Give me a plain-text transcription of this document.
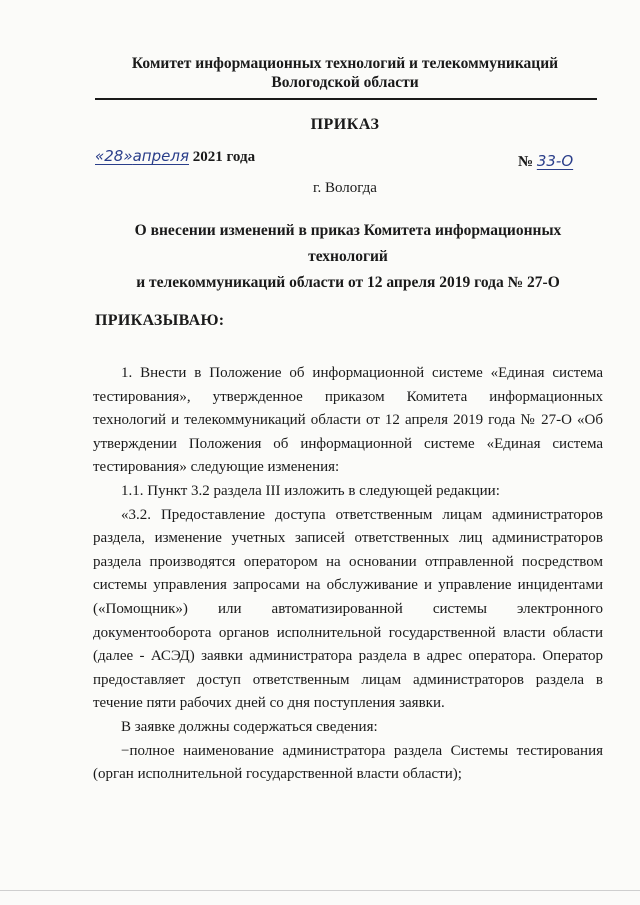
Комитет информационных технологий и телекоммуникаций
Вологодской области
ПРИКАЗ
«28»апреля 2021 года	№ 33-О
г. Вологда
О внесении изменений в приказ Комитета информационных технологий
и телекоммуникаций области от 12 апреля 2019 года № 27-О
ПРИКАЗЫВАЮ:

1. Внести в Положение об информационной системе «Единая система тестирования», утвержденное приказом Комитета информационных технологий и телекоммуникаций области от 12 апреля 2019 года № 27-О «Об утверждении Положения об информационной системе «Единая система тестирования» следующие изменения:

1.1. Пункт 3.2 раздела III изложить в следующей редакции:

«3.2. Предоставление доступа ответственным лицам администраторов раздела, изменение учетных записей ответственных лиц администраторов раздела производятся оператором на основании отправленной посредством системы управления запросами на обслуживание и управление инцидентами («Помощник») или автоматизированной системы электронного документооборота органов исполнительной государственной власти области (далее - АСЭД) заявки администратора раздела в адрес оператора. Оператор предоставляет доступ ответственным лицам администраторов раздела в течение пяти рабочих дней со дня поступления заявки.

В заявке должны содержаться сведения:

−полное наименование администратора раздела Системы тестирования (орган исполнительной государственной власти области);
